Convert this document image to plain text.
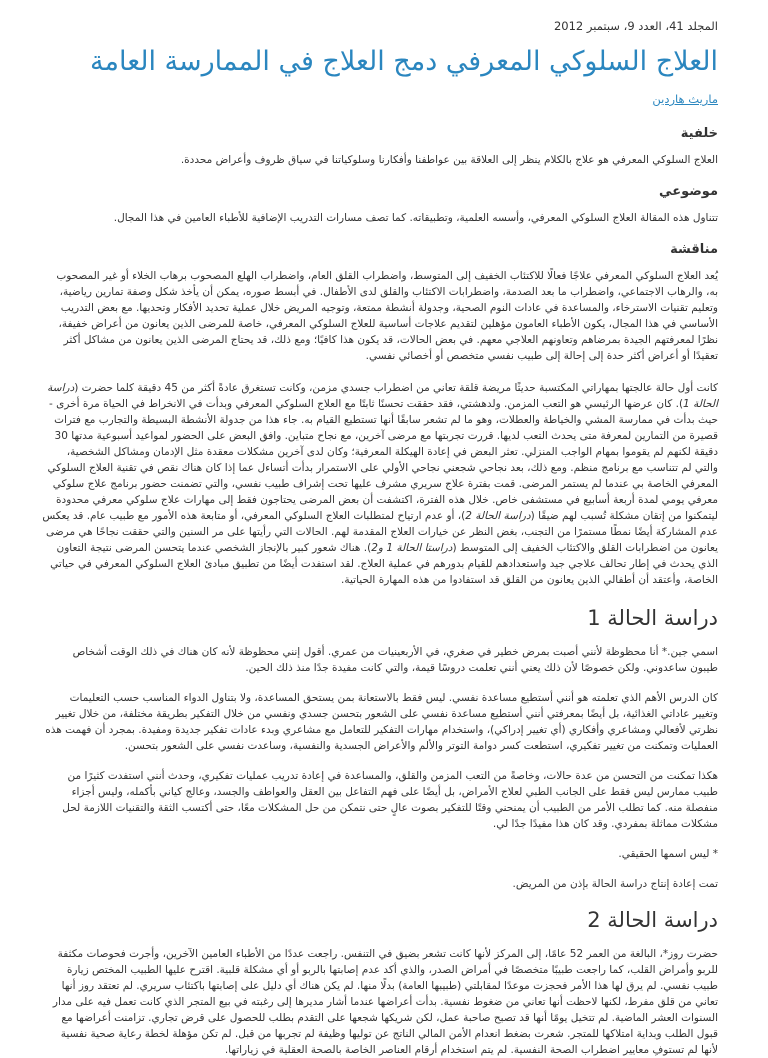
المجلد 41، العدد 9، سبتمبر 2012

العلاج السلوكي المعرفي دمج العلاج في الممارسة العامة
ماريث هاردين
خلفية

العلاج السلوكي المعرفي هو علاج بالكلام ينظر إلى العلاقة بين عواطفنا وأفكارنا وسلوكياتنا في سياق ظروف وأعراض محددة.

موضوعي

تتناول هذه المقالة العلاج السلوكي المعرفي، وأسسه العلمية، وتطبيقاته. كما تصف مسارات التدريب الإضافية للأطباء العامين في هذا المجال.

مناقشة

يُعد العلاج السلوكي المعرفي علاجًا فعالًا للاكتئاب الخفيف إلى المتوسط، واضطراب القلق العام، واضطراب الهلع المصحوب برهاب الخلاء أو غير المصحوب به، والرهاب الاجتماعي، واضطراب ما بعد الصدمة، واضطرابات الاكتئاب والقلق لدى الأطفال. في أبسط صوره، يمكن أن يأخذ شكل وصفة تمارين رياضية، وتعليم تقنيات الاسترخاء، والمساعدة في عادات النوم الصحية، وجدولة أنشطة ممتعة، وتوجيه المريض خلال عملية تحديد الأفكار وتحديها. مع بعض التدريب الأساسي في هذا المجال، يكون الأطباء العامون مؤهلين لتقديم علاجات أساسية للعلاج السلوكي المعرفي، خاصة للمرضى الذين يعانون من أعراض خفيفة، نظرًا لمعرفتهم الجيدة بمرضاهم وتعاونهم العلاجي معهم. في بعض الحالات، قد يكون هذا كافيًا؛ ومع ذلك، قد يحتاج المرضى الذين يعانون من مشاكل أكثر تعقيدًا أو أعراض أكثر حدة إلى إحالة إلى طبيب نفسي متخصص أو أخصائي نفسي.

كانت أول حالة عالجتها بمهاراتي المكتسبة حديثًا مريضة قلقة تعاني من اضطراب جسدي مزمن، وكانت تستغرق عادةً أكثر من 45 دقيقة كلما حضرت (دراسة الحالة 1). كان عرضها الرئيسي هو التعب المزمن. ولدهشتي، فقد حققت تحسنًا ثابتًا مع العلاج السلوكي المعرفي وبدأت في الانخراط في الحياة مرة أخرى - حيث بدأت في ممارسة المشي والخياطة والعطلات، وهو ما لم تشعر سابقًا أنها تستطيع القيام به. جاء هذا من جدولة الأنشطة البسيطة والتجارب مع فترات قصيرة من التمارين لمعرفة متى يحدث التعب لديها. قررت تجربتها مع مرضى آخرين، مع نجاح متباين. وافق البعض على الحضور لمواعيد أسبوعية مدتها 30 دقيقة لكنهم لم يقوموا بمهام الواجب المنزلي. تعثر البعض في إعادة الهيكلة المعرفية؛ وكان لدى آخرين مشكلات معقدة مثل الإدمان ومشاكل الشخصية، والتي لم تتناسب مع برنامج منظم. ومع ذلك، بعد نجاحي شجعني نجاحي الأولي على الاستمرار بدأت أتساءل عما إذا كان هناك نقص في تقنية العلاج السلوكي المعرفي الخاصة بي عندما لم يستمر المرضى. قمت بفترة علاج سريري مشرف عليها تحت إشراف طبيب نفسي، والتي تضمنت حضور برنامج علاج سلوكي معرفي يومي لمدة أربعة أسابيع في مستشفى خاص. خلال هذه الفترة، اكتشفت أن بعض المرضى يحتاجون فقط إلى مهارات علاج سلوكي معرفي محدودة ليتمكنوا من إتقان مشكلة تُسبب لهم ضيقًا (دراسة الحالة 2)، أو عدم ارتياح لمتطلبات العلاج السلوكي المعرفي، أو متابعة هذه الأمور مع طبيب عام. قد يعكس عدم المشاركة أيضًا نمطًا مستمرًا من التجنب، بغض النظر عن خيارات العلاج المقدمة لهم. الحالات التي رأيتها على مر السنين والتي حققت نجاحًا هي مرضى يعانون من اضطرابات القلق والاكتئاب الخفيف إلى المتوسط (دراستا الحالة 1 و2). هناك شعور كبير بالإنجاز الشخصي عندما يتحسن المرضى نتيجة التعاون الذي يحدث في إطار تحالف علاجي جيد واستعدادهم للقيام بدورهم في عملية العلاج. لقد استفدت أيضًا من تطبيق مبادئ العلاج السلوكي المعرفي في حياتي الخاصة، وأعتقد أن أطفالي الذين يعانون من القلق قد استفادوا من هذه المهارة الحياتية.

دراسة الحالة 1

اسمي جين.* أنا محظوظة لأنني أصبت بمرض خطير في صغري، في الأربعينيات من عمري. أقول إنني محظوظة لأنه كان هناك في ذلك الوقت أشخاص طيبون ساعدوني. ولكن خصوصًا لأن ذلك يعني أنني تعلمت دروسًا قيمة، والتي كانت مفيدة جدًا منذ ذلك الحين.

كان الدرس الأهم الذي تعلمته هو أنني أستطيع مساعدة نفسي. ليس فقط بالاستعانة بمن يستحق المساعدة، ولا بتناول الدواء المناسب حسب التعليمات وتغيير عاداتي الغذائية، بل أيضًا بمعرفتي أنني أستطيع مساعدة نفسي على الشعور بتحسن جسدي ونفسي من خلال التفكير بطريقة مختلفة، من خلال تغيير نظرتي لأفعالي ومشاعري وأفكاري (أي تغيير إدراكي)، واستخدام مهارات التفكير للتعامل مع مشاعري وبدء عادات تفكير جديدة ومفيدة. بمجرد أن فهمت هذه العمليات وتمكنت من تغيير تفكيري، استطعت كسر دوامة التوتر والألم والأعراض الجسدية والنفسية، وساعدت نفسي على الشعور بتحسن.

هكذا تمكنت من التحسن من عدة حالات، وخاصةً من التعب المزمن والقلق، والمساعدة في إعادة تدريب عمليات تفكيري، وحدث أنني استفدت كثيرًا من طبيب ممارس ليس فقط على الجانب الطبي لعلاج الأمراض، بل أيضًا على فهم التفاعل بين العقل والعواطف والجسد، وعالج كياني بأكمله، وليس أجزاء منفصلة منه. كما تطلب الأمر من الطبيب أن يمنحني وقتًا للتفكير بصوت عالٍ حتى نتمكن من حل المشكلات معًا، حتى أكتسب الثقة والتقنيات اللازمة لحل مشكلات مماثلة بمفردي. وقد كان هذا مفيدًا جدًا لي.

* ليس اسمها الحقيقي.

تمت إعادة إنتاج دراسة الحالة بإذن من المريض.

دراسة الحالة 2

حضرت روز*، البالغة من العمر 52 عامًا، إلى المركز لأنها كانت تشعر بضيق في التنفس. راجعت عددًا من الأطباء العامين الآخرين، وأجرت فحوصات مكثفة للربو وأمراض القلب، كما راجعت طبيبًا متخصصًا في أمراض الصدر، والذي أكد عدم إصابتها بالربو أو أي مشكلة قلبية. اقترح عليها الطبيب المختص زيارة طبيب نفسي. لم يرق لها هذا الأمر فحجزت موعدًا لمقابلتي (طبيبها العامة) بدلًا منها. لم يكن هناك أي دليل على إصابتها باكتئاب سريري. لم تعتقد روز أنها تعاني من قلق مفرط، لكنها لاحظت أنها تعاني من ضغوط نفسية. بدأت أعراضها عندما أشار مديرها إلى رغبته في بيع المتجر الذي كانت تعمل فيه على مدار السنوات العشر الماضية. لم تتخيل يومًا أنها قد تصبح صاحبة عمل، لكن شريكها شجعها على التقدم بطلب للحصول على قرض تجاري. تزامنت أعراضها مع قبول الطلب وبداية امتلاكها للمتجر. شعرت بضغط انعدام الأمن المالي الناتج عن توليها وظيفة لم تجربها من قبل. لم تكن مؤهلة لخطة رعاية صحية نفسية لأنها لم تستوفِ معايير اضطراب الصحة النفسية. لم يتم استخدام أرقام العناصر الخاصة بالصحة العقلية في زياراتها.
